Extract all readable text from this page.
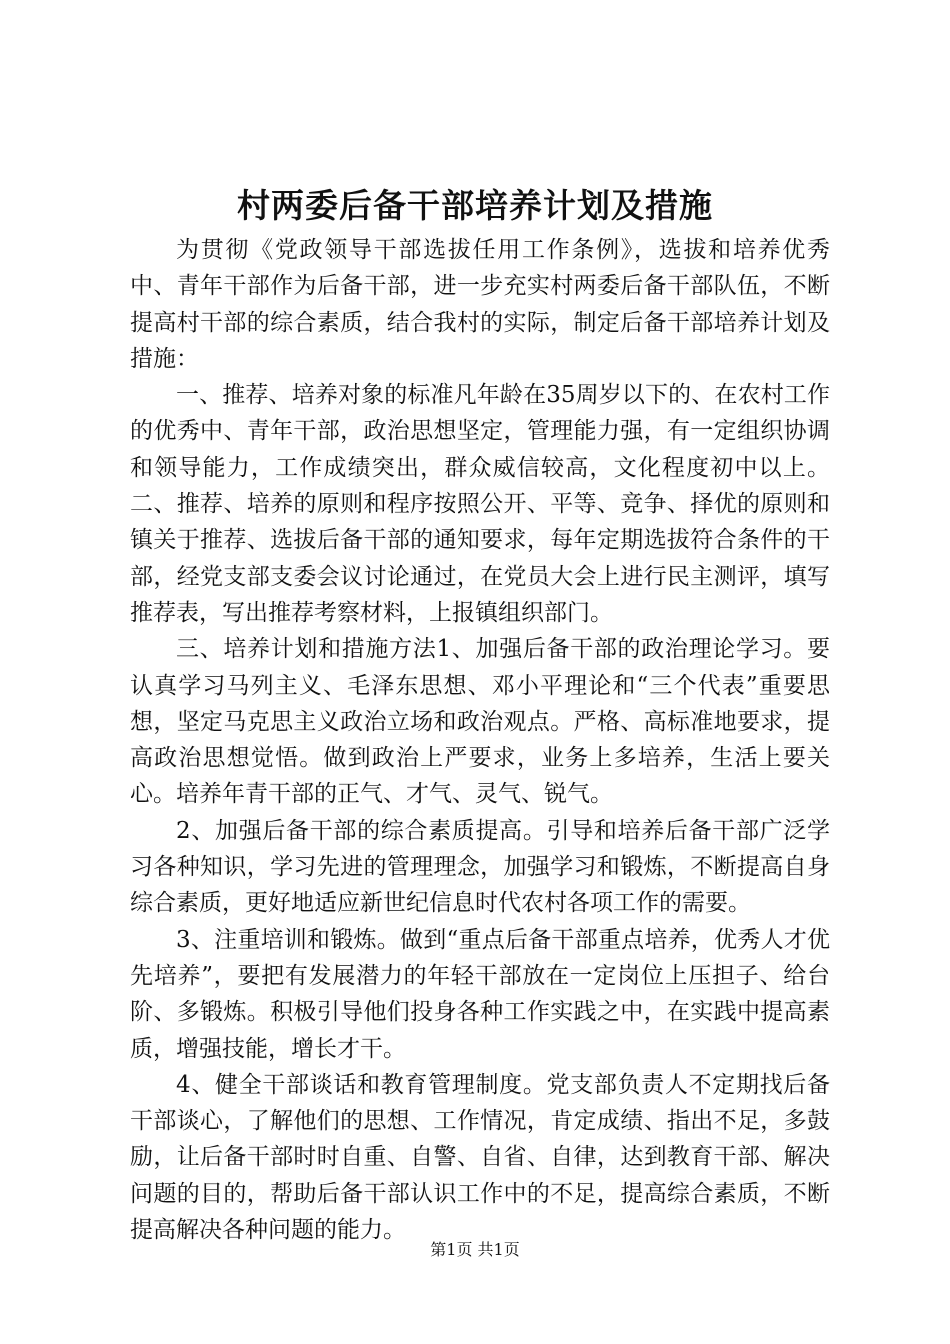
村两委后备干部培养计划及措施

为贯彻《党政领导干部选拔任用工作条例》，选拔和培养优秀中、青年干部作为后备干部，进一步充实村两委后备干部队伍，不断提高村干部的综合素质，结合我村的实际，制定后备干部培养计划及措施：

一、推荐、培养对象的标准凡年龄在35周岁以下的、在农村工作的优秀中、青年干部，政治思想坚定，管理能力强，有一定组织协调和领导能力，工作成绩突出，群众威信较高，文化程度初中以上。二、推荐、培养的原则和程序按照公开、平等、竞争、择优的原则和镇关于推荐、选拔后备干部的通知要求，每年定期选拔符合条件的干部，经党支部支委会议讨论通过，在党员大会上进行民主测评，填写推荐表，写出推荐考察材料，上报镇组织部门。

三、培养计划和措施方法1、加强后备干部的政治理论学习。要认真学习马列主义、毛泽东思想、邓小平理论和“三个代表”重要思想，坚定马克思主义政治立场和政治观点。严格、高标准地要求，提高政治思想觉悟。做到政治上严要求，业务上多培养，生活上要关心。培养年青干部的正气、才气、灵气、锐气。

2、加强后备干部的综合素质提高。引导和培养后备干部广泛学习各种知识，学习先进的管理理念，加强学习和锻炼，不断提高自身综合素质，更好地适应新世纪信息时代农村各项工作的需要。

3、注重培训和锻炼。做到“重点后备干部重点培养，优秀人才优先培养”，要把有发展潜力的年轻干部放在一定岗位上压担子、给台阶、多锻炼。积极引导他们投身各种工作实践之中，在实践中提高素质，增强技能，增长才干。

4、健全干部谈话和教育管理制度。党支部负责人不定期找后备干部谈心，了解他们的思想、工作情况，肯定成绩、指出不足，多鼓励，让后备干部时时自重、自警、自省、自律，达到教育干部、解决问题的目的，帮助后备干部认识工作中的不足，提高综合素质，不断提高解决各种问题的能力。

第1页 共1页
